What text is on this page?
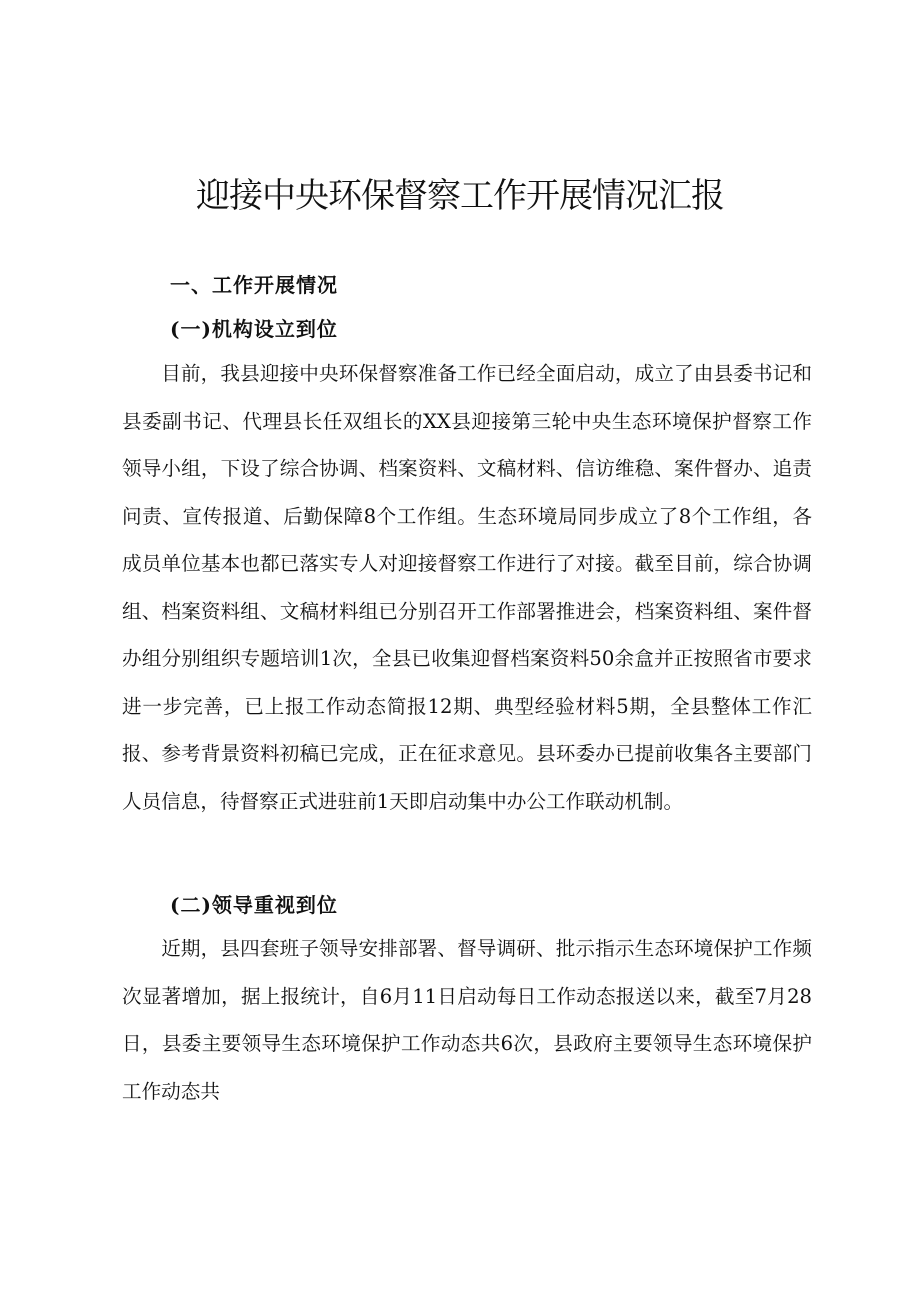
迎接中央环保督察工作开展情况汇报
一、工作开展情况
(一)机构设立到位

目前，我县迎接中央环保督察准备工作已经全面启动，成立了由县委书记和县委副书记、代理县长任双组长的XX县迎接第三轮中央生态环境保护督察工作领导小组，下设了综合协调、档案资料、文稿材料、信访维稳、案件督办、追责问责、宣传报道、后勤保障8个工作组。生态环境局同步成立了8个工作组，各成员单位基本也都已落实专人对迎接督察工作进行了对接。截至目前，综合协调组、档案资料组、文稿材料组已分别召开工作部署推进会，档案资料组、案件督办组分别组织专题培训1次，全县已收集迎督档案资料50余盒并正按照省市要求进一步完善，已上报工作动态简报12期、典型经验材料5期，全县整体工作汇报、参考背景资料初稿已完成，正在征求意见。县环委办已提前收集各主要部门人员信息，待督察正式进驻前1天即启动集中办公工作联动机制。

(二)领导重视到位

近期，县四套班子领导安排部署、督导调研、批示指示生态环境保护工作频次显著增加，据上报统计，自6月11日启动每日工作动态报送以来，截至7月28日，县委主要领导生态环境保护工作动态共6次，县政府主要领导生态环境保护工作动态共
